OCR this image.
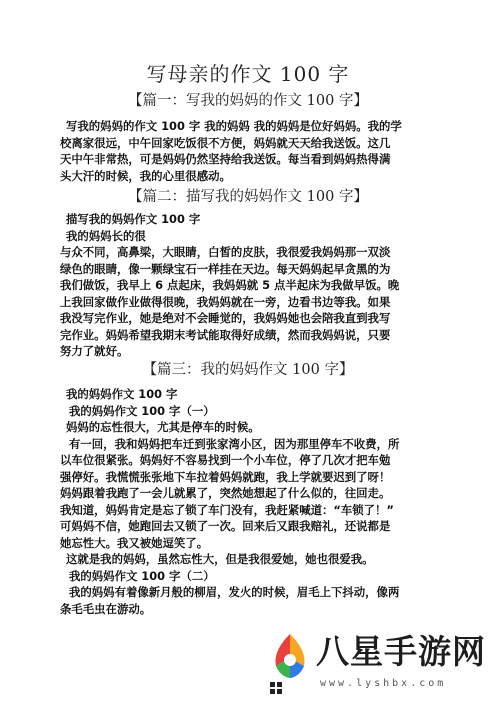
写母亲的作文 100 字
【篇一：写我的妈妈的作文 100 字】

写我的妈妈的作文 100 字 我的妈妈 我的妈妈是位好妈妈。我的学

校离家很远，中午回家吃饭很不方便，妈妈就天天给我送饭。这几

天中午非常热，可是妈妈仍然坚持给我送饭。每当看到妈妈热得满

头大汗的时候，我的心里很感动。

【篇二：描写我的妈妈作文 100 字】

描写我的妈妈作文 100 字

我的妈妈长的很

与众不同，高鼻梁，大眼睛，白皙的皮肤，我很爱我妈妈那一双淡

绿色的眼睛，像一颗绿宝石一样挂在天边。每天妈妈起早贪黑的为

我们做饭，我早上 6 点起床，我妈妈就 5 点半起床为我做早饭。晚

上我回家做作业做得很晚，我妈妈就在一旁，边看书边等我。如果

我没写完作业，她是绝对不会睡觉的，我妈妈她也会陪我直到我写

完作业。妈妈希望我期末考试能取得好成绩，然而我妈妈说，只要

努力了就好。

【篇三：我的妈妈作文 100 字】

我的妈妈作文 100 字

我的妈妈作文 100 字（一）

妈妈的忘性很大，尤其是停车的时候。

有一回，我和妈妈把车迁到张家湾小区，因为那里停车不收费，所

以车位很紧张。妈妈好不容易找到一个小车位，停了几次才把车勉

强停好。我慌慌张张地下车拉着妈妈就跑，我上学就要迟到了呀！

妈妈跟着我跑了一会儿就累了，突然她想起了什么似的，往回走。

我知道，妈妈肯定是忘了锁了车门没有，我赶紧喊道：“车锁了！”

可妈妈不信，她跑回去又锁了一次。回来后又跟我赔礼，还说都是

她忘性大。我又被她逗笑了。

这就是我的妈妈，虽然忘性大，但是我很爱她，她也很爱我。

我的妈妈作文 100 字（二）

我的妈妈有着像新月般的柳眉，发火的时候，眉毛上下抖动，像两

条毛毛虫在游动。

八星手游网
www.lyshbx.com
